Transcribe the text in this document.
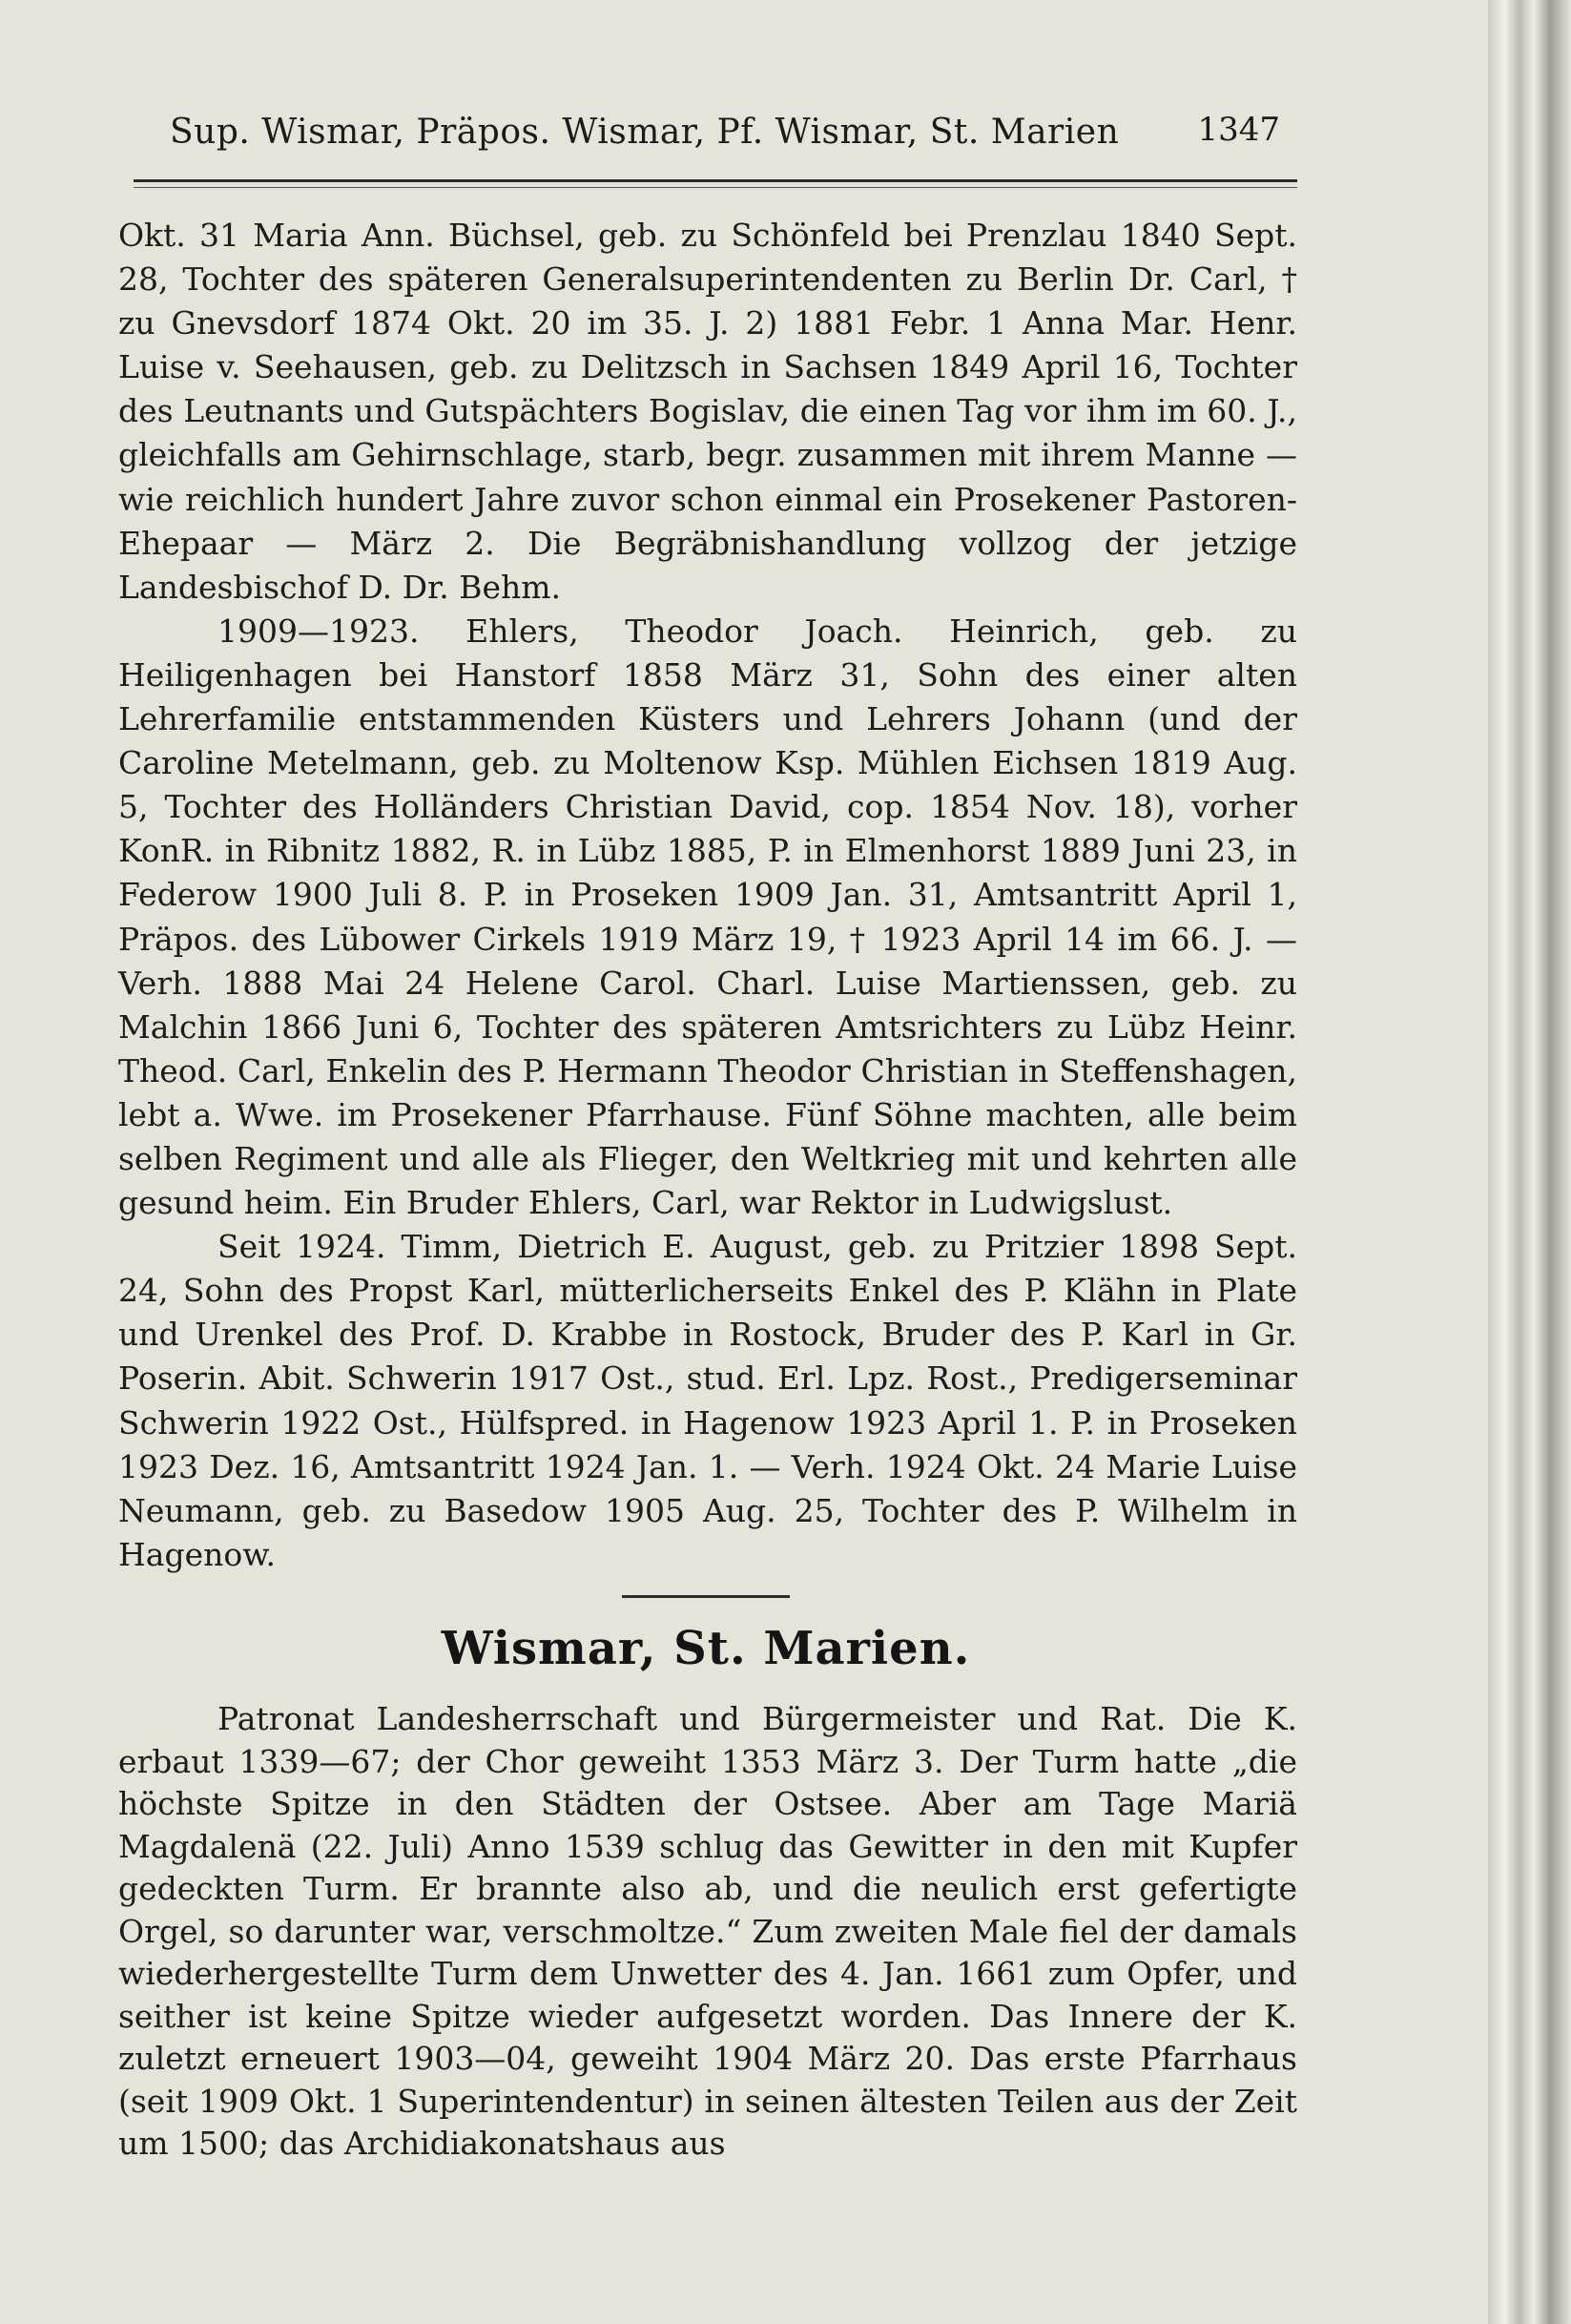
Sup. Wismar, Präpos. Wismar, Pf. Wismar, St. Marien 1347

Okt. 31 Maria Ann. Büchsel, geb. zu Schönfeld bei Prenzlau 1840 Sept. 28, Tochter des späteren Generalsuperintendenten zu Berlin Dr. Carl, † zu Gnevsdorf 1874 Okt. 20 im 35. J. 2) 1881 Febr. 1 Anna Mar. Henr. Luise v. Seehausen, geb. zu Delitzsch in Sachsen 1849 April 16, Tochter des Leutnants und Gutspächters Bogislav, die einen Tag vor ihm im 60. J., gleichfalls am Gehirnschlage, starb, begr. zusammen mit ihrem Manne — wie reichlich hundert Jahre zuvor schon einmal ein Prosekener Pastoren-Ehepaar — März 2. Die Begräbnishandlung vollzog der jetzige Landesbischof D. Dr. Behm.

1909—1923. Ehlers, Theodor Joach. Heinrich, geb. zu Heiligenhagen bei Hanstorf 1858 März 31, Sohn des einer alten Lehrerfamilie entstammenden Küsters und Lehrers Johann (und der Caroline Metelmann, geb. zu Moltenow Ksp. Mühlen Eichsen 1819 Aug. 5, Tochter des Holländers Christian David, cop. 1854 Nov. 18), vorher KonR. in Ribnitz 1882, R. in Lübz 1885, P. in Elmenhorst 1889 Juni 23, in Federow 1900 Juli 8. P. in Proseken 1909 Jan. 31, Amtsantritt April 1, Präpos. des Lübower Cirkels 1919 März 19, † 1923 April 14 im 66. J. — Verh. 1888 Mai 24 Helene Carol. Charl. Luise Martienssen, geb. zu Malchin 1866 Juni 6, Tochter des späteren Amtsrichters zu Lübz Heinr. Theod. Carl, Enkelin des P. Hermann Theodor Christian in Steffenshagen, lebt a. Wwe. im Prosekener Pfarrhause. Fünf Söhne machten, alle beim selben Regiment und alle als Flieger, den Weltkrieg mit und kehrten alle gesund heim. Ein Bruder Ehlers, Carl, war Rektor in Ludwigslust.

Seit 1924. Timm, Dietrich E. August, geb. zu Pritzier 1898 Sept. 24, Sohn des Propst Karl, mütterlicherseits Enkel des P. Klähn in Plate und Urenkel des Prof. D. Krabbe in Rostock, Bruder des P. Karl in Gr. Poserin. Abit. Schwerin 1917 Ost., stud. Erl. Lpz. Rost., Predigerseminar Schwerin 1922 Ost., Hülfspred. in Hagenow 1923 April 1. P. in Proseken 1923 Dez. 16, Amtsantritt 1924 Jan. 1. — Verh. 1924 Okt. 24 Marie Luise Neumann, geb. zu Basedow 1905 Aug. 25, Tochter des P. Wilhelm in Hagenow.

Wismar, St. Marien.

Patronat Landesherrschaft und Bürgermeister und Rat. Die K. erbaut 1339—67; der Chor geweiht 1353 März 3. Der Turm hatte „die höchste Spitze in den Städten der Ostsee. Aber am Tage Mariä Magdalenä (22. Juli) Anno 1539 schlug das Gewitter in den mit Kupfer gedeckten Turm. Er brannte also ab, und die neulich erst gefertigte Orgel, so darunter war, verschmoltze.“ Zum zweiten Male fiel der damals wiederhergestellte Turm dem Unwetter des 4. Jan. 1661 zum Opfer, und seither ist keine Spitze wieder aufgesetzt worden. Das Innere der K. zuletzt erneuert 1903—04, geweiht 1904 März 20. Das erste Pfarrhaus (seit 1909 Okt. 1 Superintendentur) in seinen ältesten Teilen aus der Zeit um 1500; das Archidiakonatshaus aus
